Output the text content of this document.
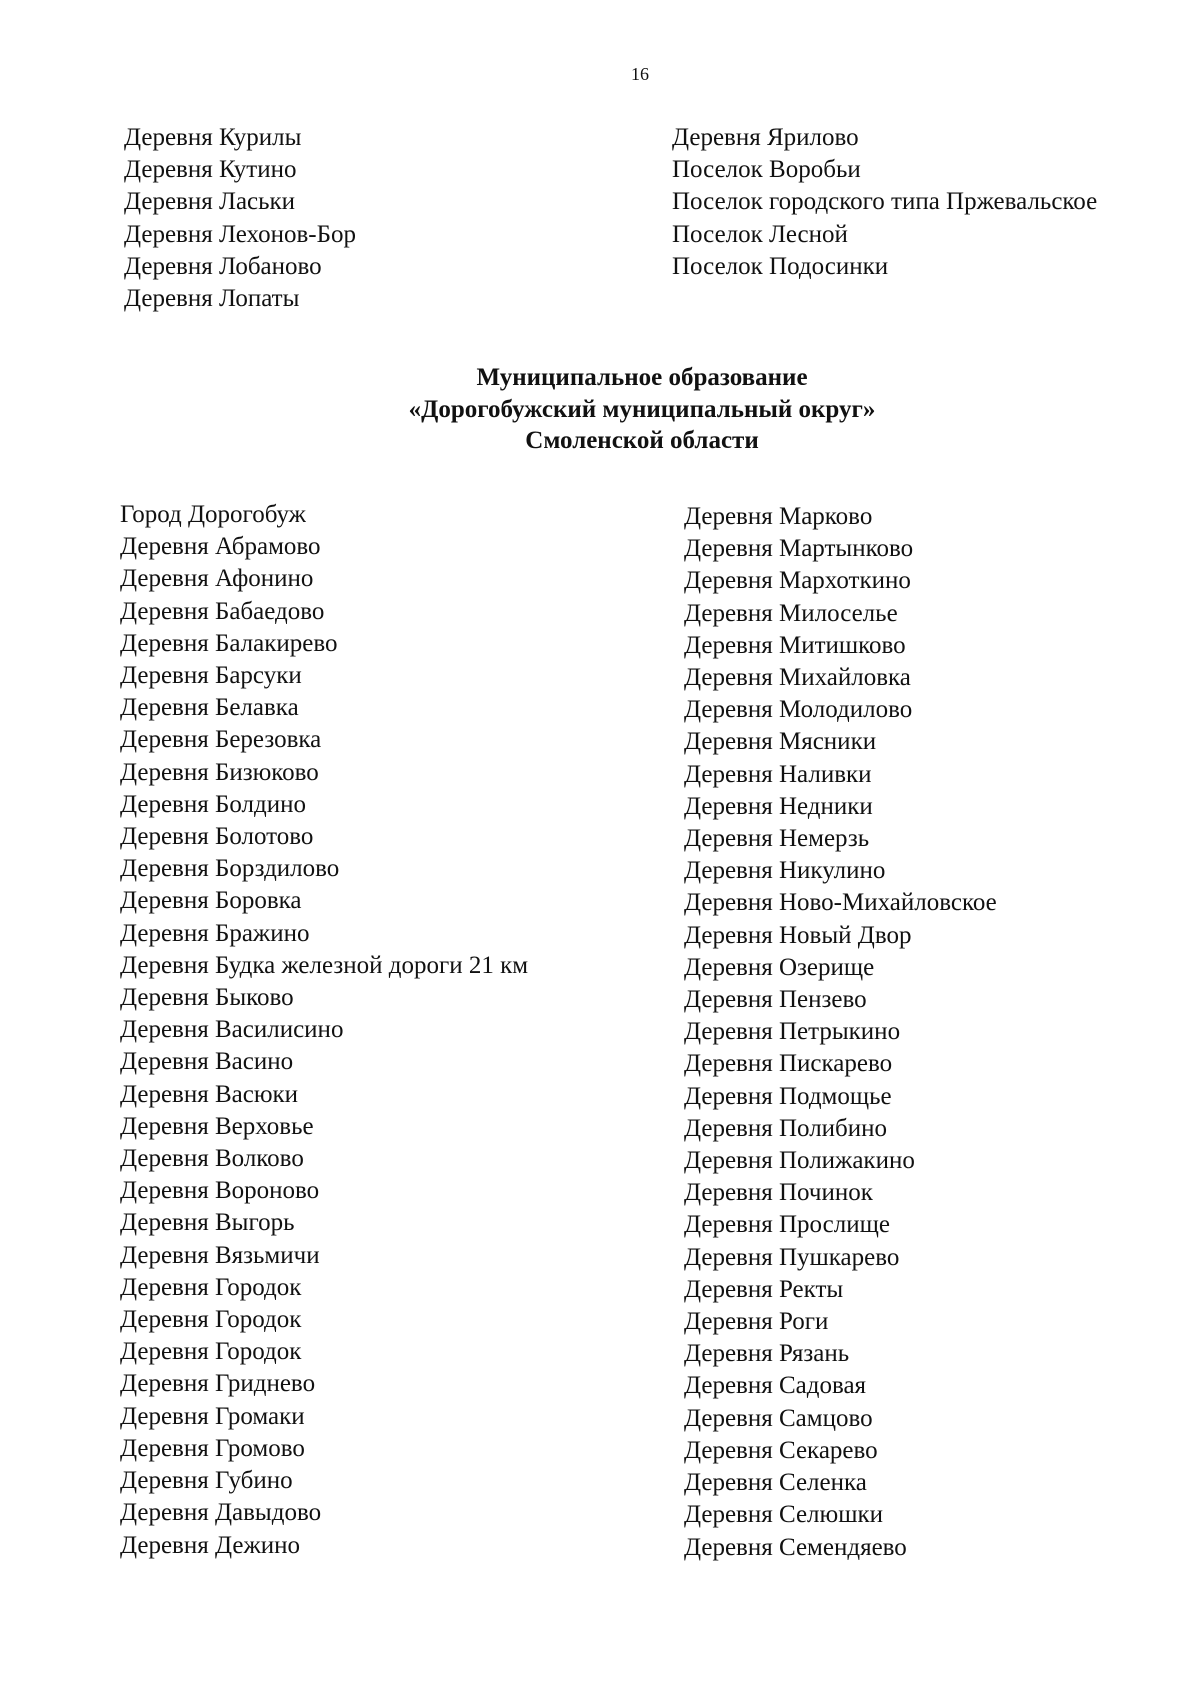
16
Деревня Курилы
Деревня Кутино
Деревня Ласьки
Деревня Лехонов-Бор
Деревня Лобаново
Деревня Лопаты
Деревня Ярилово
Поселок Воробьи
Поселок городского типа Пржевальское
Поселок Лесной
Поселок Подосинки
Муниципальное образование
«Дорогобужский муниципальный округ»
Смоленской области
Город Дорогобуж
Деревня Абрамово
Деревня Афонино
Деревня Бабаедово
Деревня Балакирево
Деревня Барсуки
Деревня Белавка
Деревня Березовка
Деревня Бизюково
Деревня Болдино
Деревня Болотово
Деревня Борздилово
Деревня Боровка
Деревня Бражино
Деревня Будка железной дороги 21 км
Деревня Быково
Деревня Василисино
Деревня Васино
Деревня Васюки
Деревня Верховье
Деревня Волково
Деревня Вороново
Деревня Выгорь
Деревня Вязьмичи
Деревня Городок
Деревня Городок
Деревня Городок
Деревня Гриднево
Деревня Громаки
Деревня Громово
Деревня Губино
Деревня Давыдово
Деревня Дежино
Деревня Марково
Деревня Мартынково
Деревня Мархоткино
Деревня Милоселье
Деревня Митишково
Деревня Михайловка
Деревня Молодилово
Деревня Мясники
Деревня Наливки
Деревня Недники
Деревня Немерзь
Деревня Никулино
Деревня Ново-Михайловское
Деревня Новый Двор
Деревня Озерище
Деревня Пензево
Деревня Петрыкино
Деревня Пискарево
Деревня Подмощье
Деревня Полибино
Деревня Полижакино
Деревня Починок
Деревня Прослище
Деревня Пушкарево
Деревня Ректы
Деревня Роги
Деревня Рязань
Деревня Садовая
Деревня Самцово
Деревня Секарево
Деревня Селенка
Деревня Селюшки
Деревня Семендяево
